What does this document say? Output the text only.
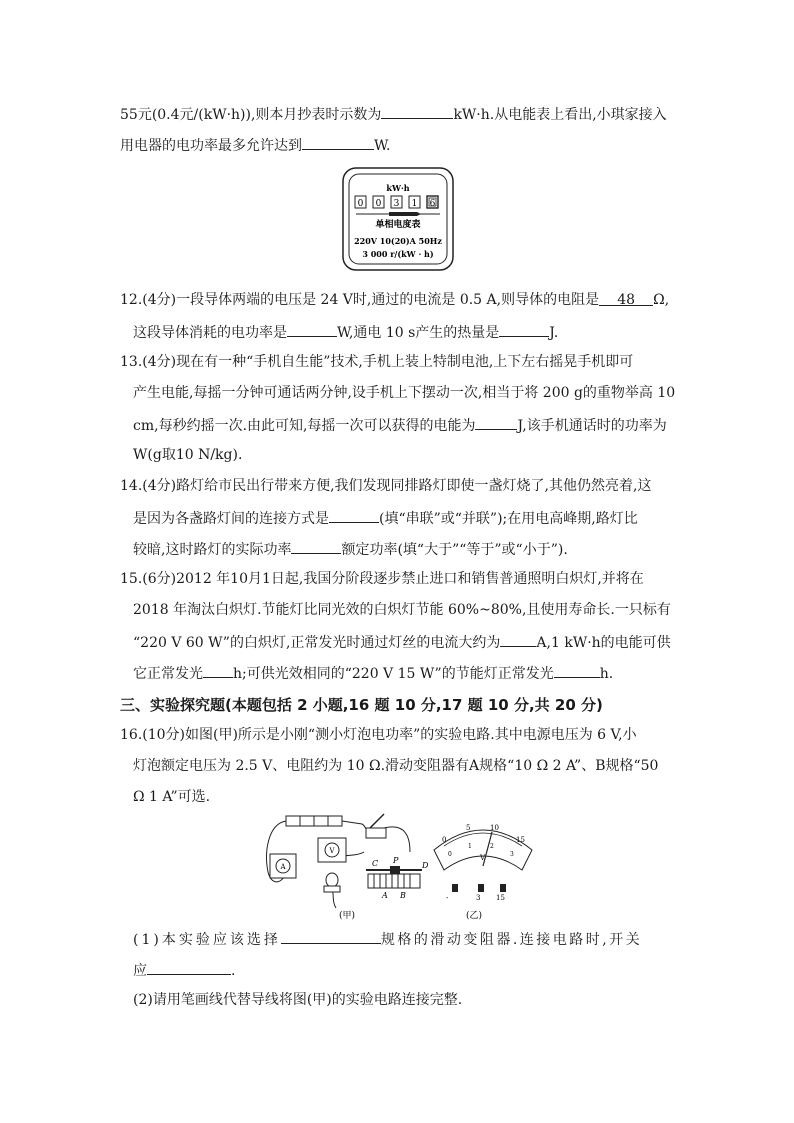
55元(0.4元/(kW·h)),则本月抄表时示数为	kW·h.从电能表上看出,小琪家接入
用电器的电功率最多允许达到	W.
kW·h
0 0 3 1 6
单相电度表
220V 10(20)A 50Hz
3 000 r/(kW · h)
12.(4分)一段导体两端的电压是 24 V时,通过的电流是 0.5 A,则导体的电阻是 48 Ω,
这段导体消耗的电功率是	W,通电 10 s产生的热量是	J.
13.(4分)现在有一种“手机自生能”技术,手机上装上特制电池,上下左右摇晃手机即可
产生电能,每摇一分钟可通话两分钟,设手机上下摆动一次,相当于将 200 g的重物举高 10
cm,每秒约摇一次.由此可知,每摇一次可以获得的电能为	J,该手机通话时的功率为
W(g取10 N/kg).
14.(4分)路灯给市民出行带来方便,我们发现同排路灯即使一盏灯烧了,其他仍然亮着,这
是因为各盏路灯间的连接方式是	(填“串联”或“并联”);在用电高峰期,路灯比
较暗,这时路灯的实际功率	额定功率(填“大于”“等于”或“小于”).
15.(6分)2012 年10月1日起,我国分阶段逐步禁止进口和销售普通照明白炽灯,并将在
2018 年淘汰白炽灯.节能灯比同光效的白炽灯节能 60%~80%,且使用寿命长.一只标有
“220 V 60 W”的白炽灯,正常发光时通过灯丝的电流大约为	A,1 kW·h的电能可供
它正常发光 h;可供光效相同的“220 V 15 W”的节能灯正常发光	h.
三、实验探究题(本题包括 2 小题,16 题 10 分,17 题 10 分,共 20 分)
16.(10分)如图(甲)所示是小刚“测小灯泡电功率”的实验电路.其中电源电压为 6 V,小
灯泡额定电压为 2.5 V、电阻约为 10 Ω.滑动变阻器有A规格“10 Ω 2 A”、B规格“50
Ω 1 A”可选.
A
V
C P
D
A B
(甲)
0
5	10
15
0
1	2
3
V
-	3 15
(乙)
(1)本实验应该选择	规格的滑动变阻器.连接电路时,开关
应	.
(2)请用笔画线代替导线将图(甲)的实验电路连接完整.
